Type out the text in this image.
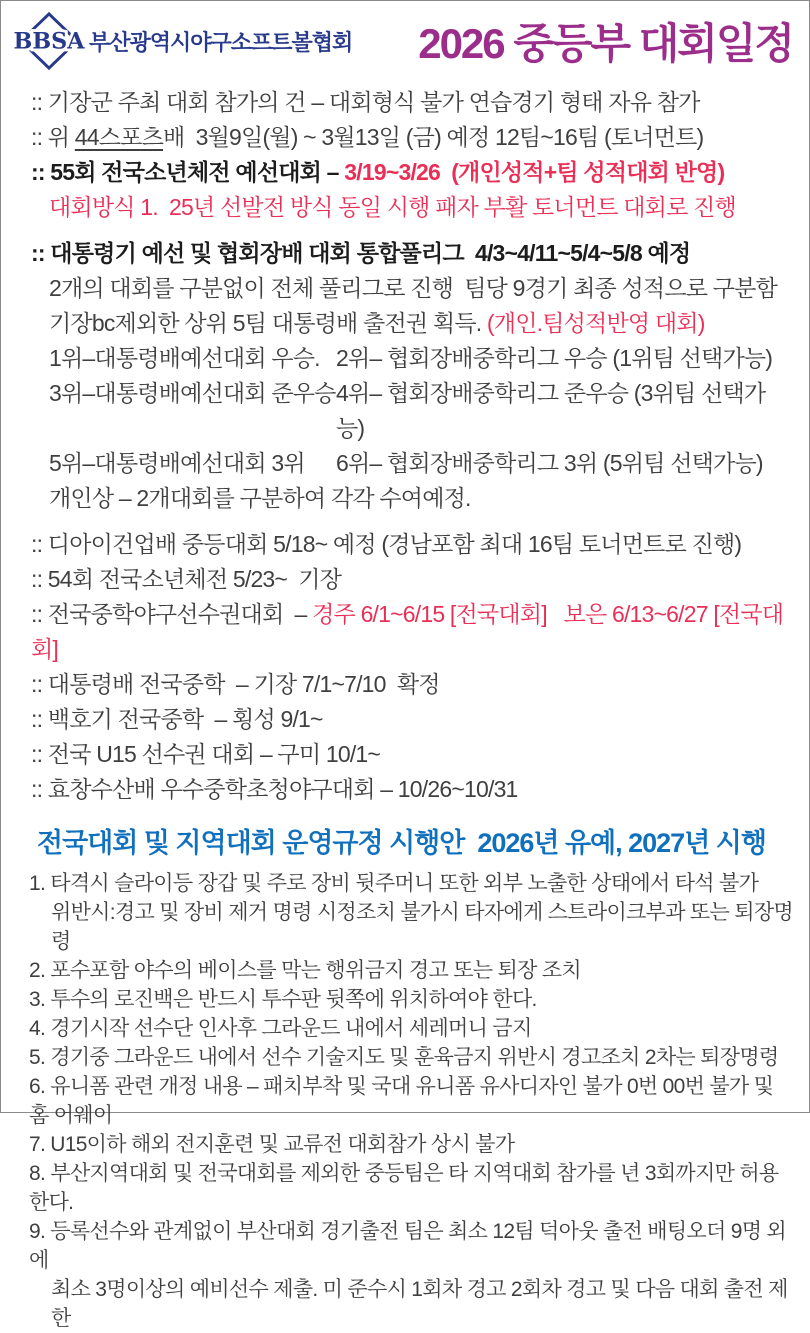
BBSA 부산광역시야구소프트볼협회 2026 중등부 대회일정
:: 기장군 주최 대회 참가의 건 – 대회형식 불가 연습경기 형태 자유 참가
:: 위 44스포츠배  3월9일(월) ~ 3월13일 (금) 예정 12팀~16팀 (토너먼트)
:: 55회 전국소년체전 예선대회 – 3/19~3/26  (개인성적+팀 성적대회 반영)
대회방식 1.  25년 선발전 방식 동일 시행 패자 부활 토너먼트 대회로 진행
:: 대통령기 예선 및 협회장배 대회 통합풀리그  4/3~4/11~5/4~5/8 예정
2개의 대회를 구분없이 전체 풀리그로 진행  팀당 9경기 최종 성적으로 구분함
기장bc제외한 상위 5팀 대통령배 출전권 획득. (개인.팀성적반영 대회)
1위–대통령배예선대회 우승. 2위– 협회장배중학리그 우승 (1위팀 선택가능)
3위–대통령배예선대회 준우승 4위– 협회장배중학리그 준우승 (3위팀 선택가능)
5위–대통령배예선대회 3위	6위– 협회장배중학리그 3위 (5위팀 선택가능)
개인상 – 2개대회를 구분하여 각각 수여예정.
:: 디아이건업배 중등대회 5/18~ 예정 (경남포함 최대 16팀 토너먼트로 진행)
:: 54회 전국소년체전 5/23~  기장
:: 전국중학야구선수권대회  – 경주 6/1~6/15 [전국대회]   보은 6/13~6/27 [전국대회]
:: 대통령배 전국중학  – 기장 7/1~7/10  확정
:: 백호기 전국중학  – 횡성 9/1~
:: 전국 U15 선수권 대회 – 구미 10/1~
:: 효창수산배 우수중학초청야구대회 – 10/26~10/31
전국대회 및 지역대회 운영규정 시행안  2026년 유예, 2027년 시행
1. 타격시 슬라이등 장갑 및 주로 장비 뒷주머니 또한 외부 노출한 상태에서 타석 불가
위반시:경고 및 장비 제거 명령 시정조치 불가시 타자에게 스트라이크부과 또는 퇴장명령
2. 포수포함 야수의 베이스를 막는 행위금지 경고 또는 퇴장 조치
3. 투수의 로진백은 반드시 투수판 뒷쪽에 위치하여야 한다.
4. 경기시작 선수단 인사후 그라운드 내에서 세레머니 금지
5. 경기중 그라운드 내에서 선수 기술지도 및 훈육금지 위반시 경고조치 2차는 퇴장명령
6. 유니폼 관련 개정 내용 – 패치부착 및 국대 유니폼 유사디자인 불가 0번 00번 불가 및 홈 어웨이
7. U15이하 해외 전지훈련 및 교류전 대회참가 상시 불가
8. 부산지역대회 및 전국대회를 제외한 중등팀은 타 지역대회 참가를 년 3회까지만 허용한다.
9. 등록선수와 관계없이 부산대회 경기출전 팀은 최소 12팀 덕아웃 출전 배팅오더 9명 외에
최소 3명이상의 예비선수 제출. 미 준수시 1회차 경고 2회차 경고 및 다음 대회 출전 제한
